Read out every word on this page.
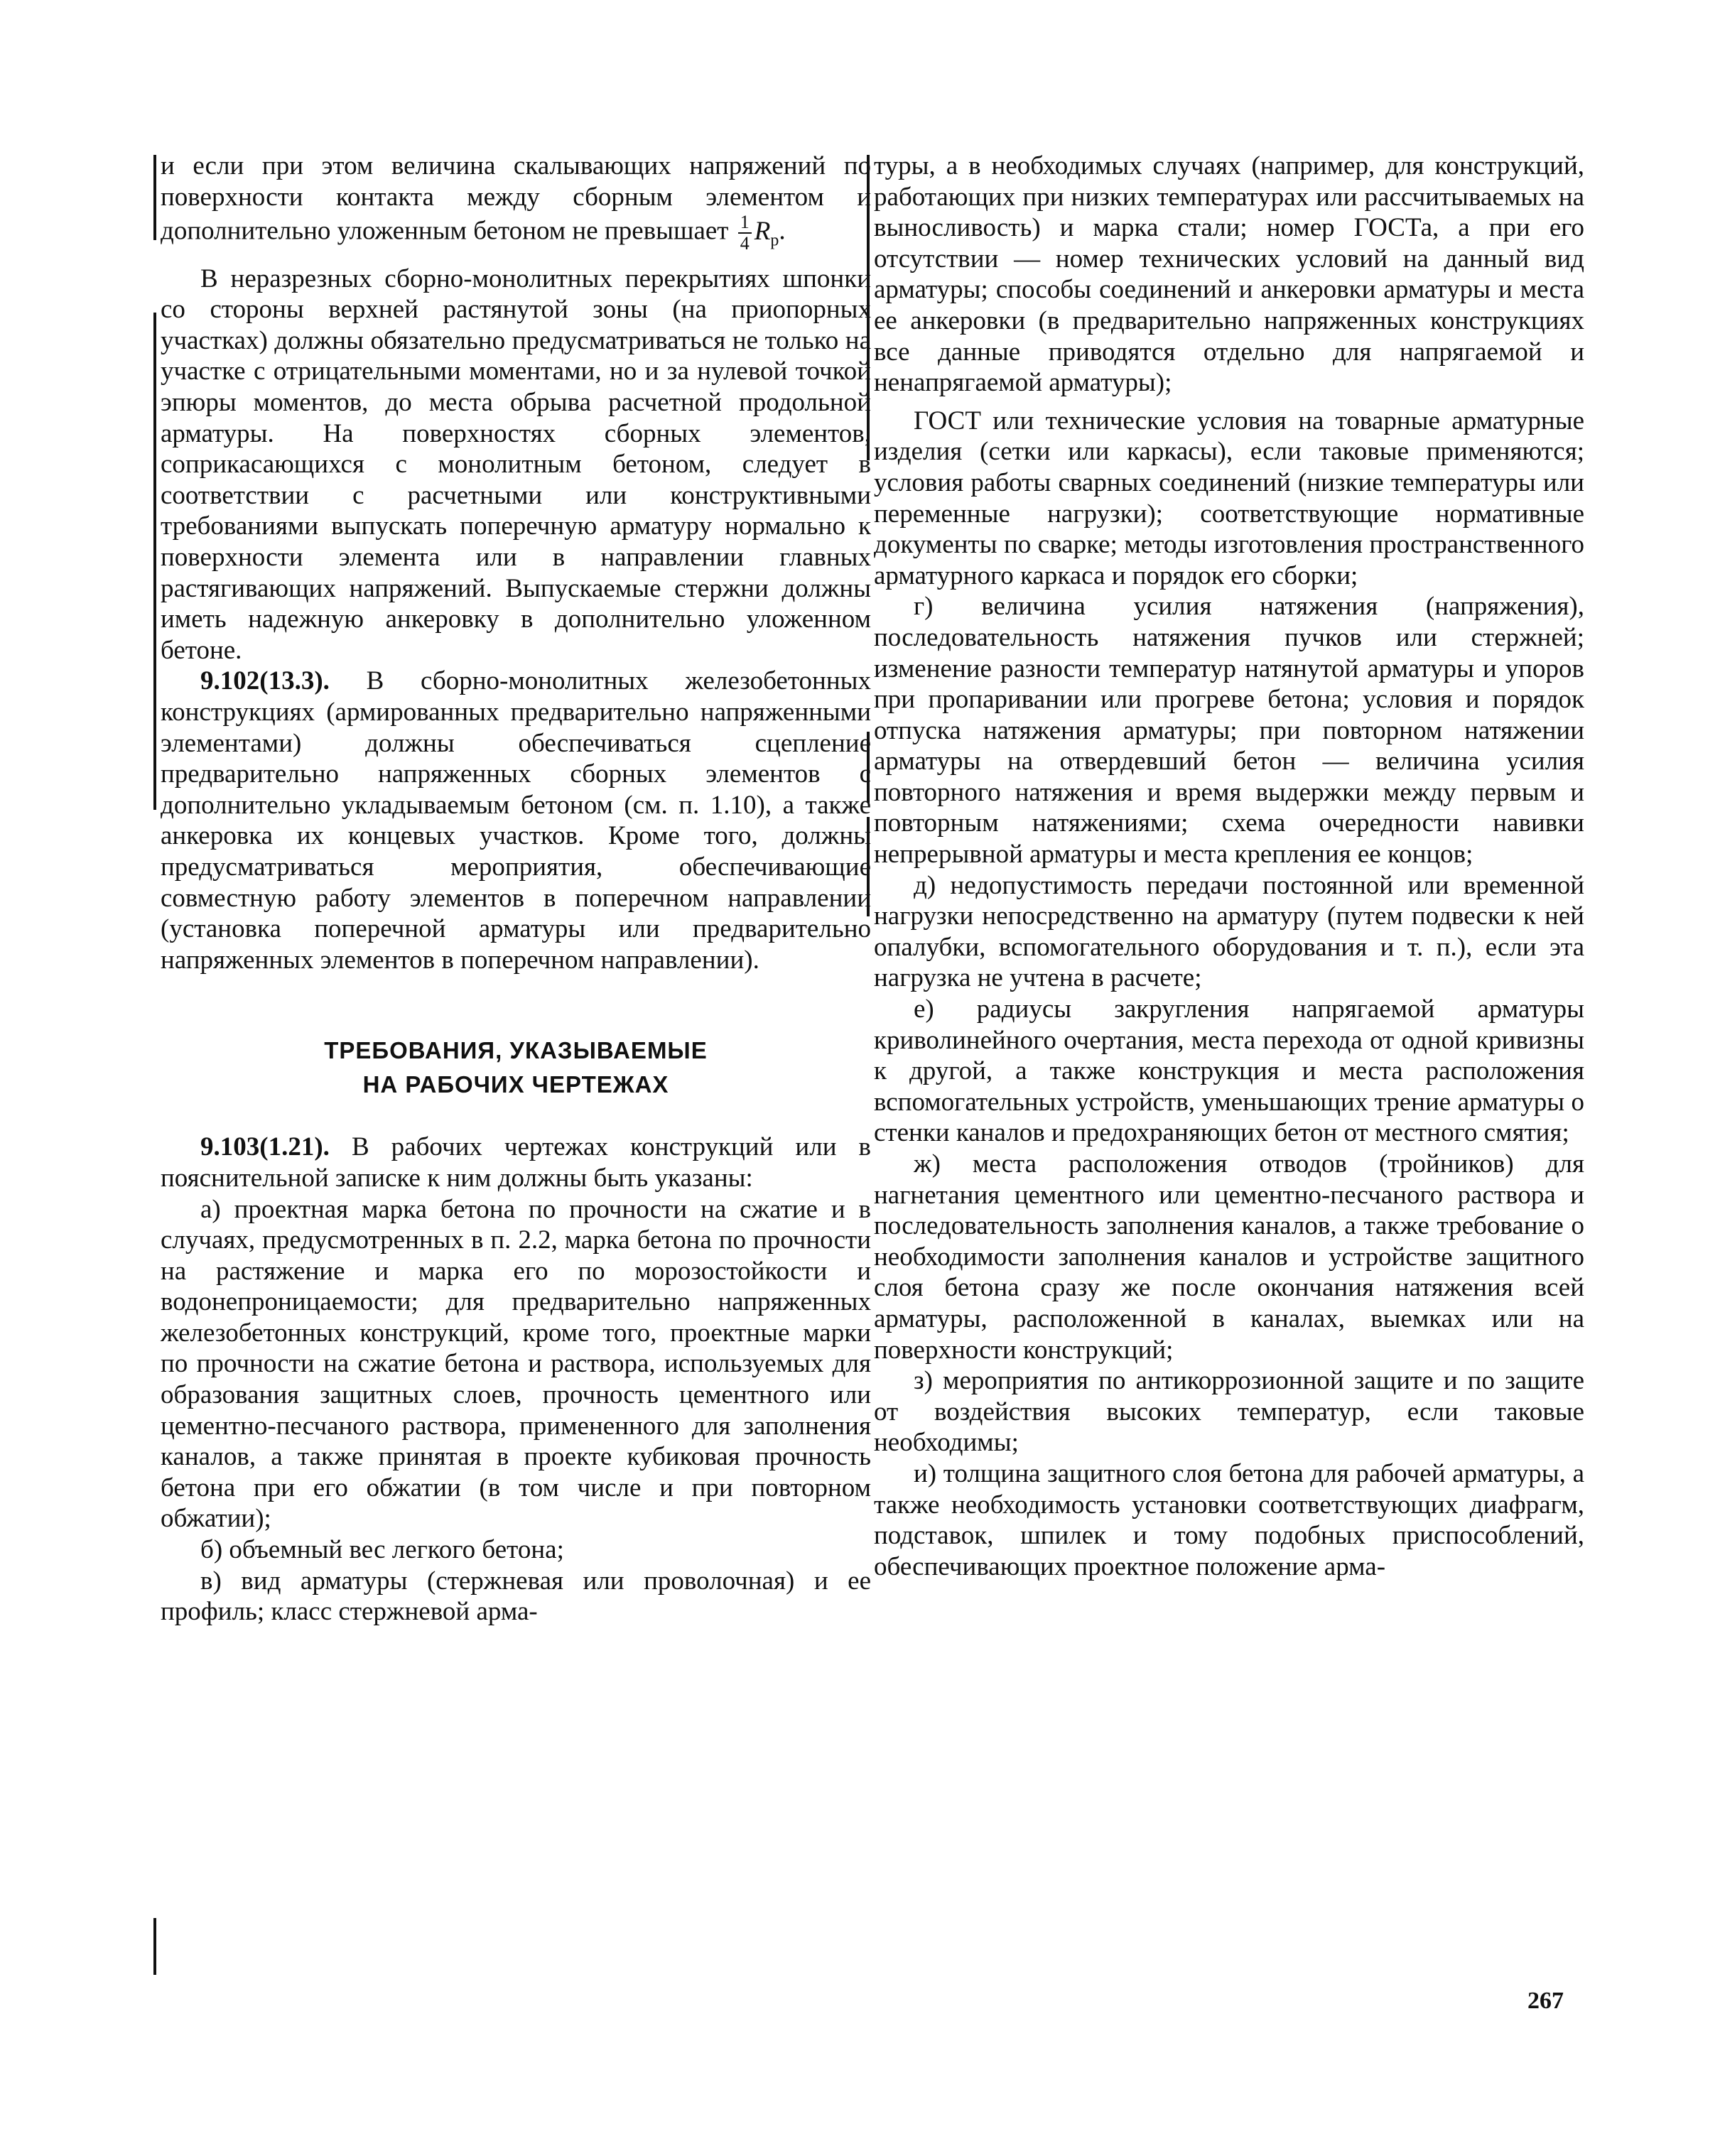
и если при этом величина скалывающих напряжений по поверхности контакта между сборным элементом и дополнительно уложенным бетоном не превышает $\frac{1}{4} R_р$.

В неразрезных сборно-монолитных перекрытиях шпонки со стороны верхней растянутой зоны (на приопорных участках) должны обязательно предусматриваться не только на участке с отрицательными моментами, но и за нулевой точкой эпюры моментов, до места обрыва расчетной продольной арматуры. На поверхностях сборных элементов, соприкасающихся с монолитным бетоном, следует в соответствии с расчетными или конструктивными требованиями выпускать поперечную арматуру нормально к поверхности элемента или в направлении главных растягивающих напряжений. Выпускаемые стержни должны иметь надежную анкеровку в дополнительно уложенном бетоне.

9.102(13.3). В сборно-монолитных железобетонных конструкциях (армированных предварительно напряженными элементами) должны обеспечиваться сцепление предварительно напряженных сборных элементов с дополнительно укладываемым бетоном (см. п. 1.10), а также анкеровка их концевых участков. Кроме того, должны предусматриваться мероприятия, обеспечивающие совместную работу элементов в поперечном направлении (установка поперечной арматуры или предварительно напряженных элементов в поперечном направлении).

ТРЕБОВАНИЯ, УКАЗЫВАЕМЫЕ
НА РАБОЧИХ ЧЕРТЕЖАХ

9.103(1.21). В рабочих чертежах конструкций или в пояснительной записке к ним должны быть указаны:

а) проектная марка бетона по прочности на сжатие и в случаях, предусмотренных в п. 2.2, марка бетона по прочности на растяжение и марка его по морозостойкости и водонепроницаемости; для предварительно напряженных железобетонных конструкций, кроме того, проектные марки по прочности на сжатие бетона и раствора, используемых для образования защитных слоев, прочность цементного или цементно-песчаного раствора, примененного для заполнения каналов, а также принятая в проекте кубиковая прочность бетона при его обжатии (в том числе и при повторном обжатии);

б) объемный вес легкого бетона;

в) вид арматуры (стержневая или проволочная) и ее профиль; класс стержневой арма-

туры, а в необходимых случаях (например, для конструкций, работающих при низких температурах или рассчитываемых на выносливость) и марка стали; номер ГОСТа, а при его отсутствии — номер технических условий на данный вид арматуры; способы соединений и анкеровки арматуры и места ее анкеровки (в предварительно напряженных конструкциях все данные приводятся отдельно для напрягаемой и ненапрягаемой арматуры);

ГОСТ или технические условия на товарные арматурные изделия (сетки или каркасы), если таковые применяются; условия работы сварных соединений (низкие температуры или переменные нагрузки); соответствующие нормативные документы по сварке; методы изготовления пространственного арматурного каркаса и порядок его сборки;

г) величина усилия натяжения (напряжения), последовательность натяжения пучков или стержней; изменение разности температур натянутой арматуры и упоров при пропаривании или прогреве бетона; условия и порядок отпуска натяжения арматуры; при повторном натяжении арматуры на отвердевший бетон — величина усилия повторного натяжения и время выдержки между первым и повторным натяжениями; схема очередности навивки непрерывной арматуры и места крепления ее концов;

д) недопустимость передачи постоянной или временной нагрузки непосредственно на арматуру (путем подвески к ней опалубки, вспомогательного оборудования и т. п.), если эта нагрузка не учтена в расчете;

е) радиусы закругления напрягаемой арматуры криволинейного очертания, места перехода от одной кривизны к другой, а также конструкция и места расположения вспомогательных устройств, уменьшающих трение арматуры о стенки каналов и предохраняющих бетон от местного смятия;

ж) места расположения отводов (тройников) для нагнетания цементного или цементно-песчаного раствора и последовательность заполнения каналов, а также требование о необходимости заполнения каналов и устройстве защитного слоя бетона сразу же после окончания натяжения всей арматуры, расположенной в каналах, выемках или на поверхности конструкций;

з) мероприятия по антикоррозионной защите и по защите от воздействия высоких температур, если таковые необходимы;

и) толщина защитного слоя бетона для рабочей арматуры, а также необходимость установки соответствующих диафрагм, подставок, шпилек и тому подобных приспособлений, обеспечивающих проектное положение арма-

267
